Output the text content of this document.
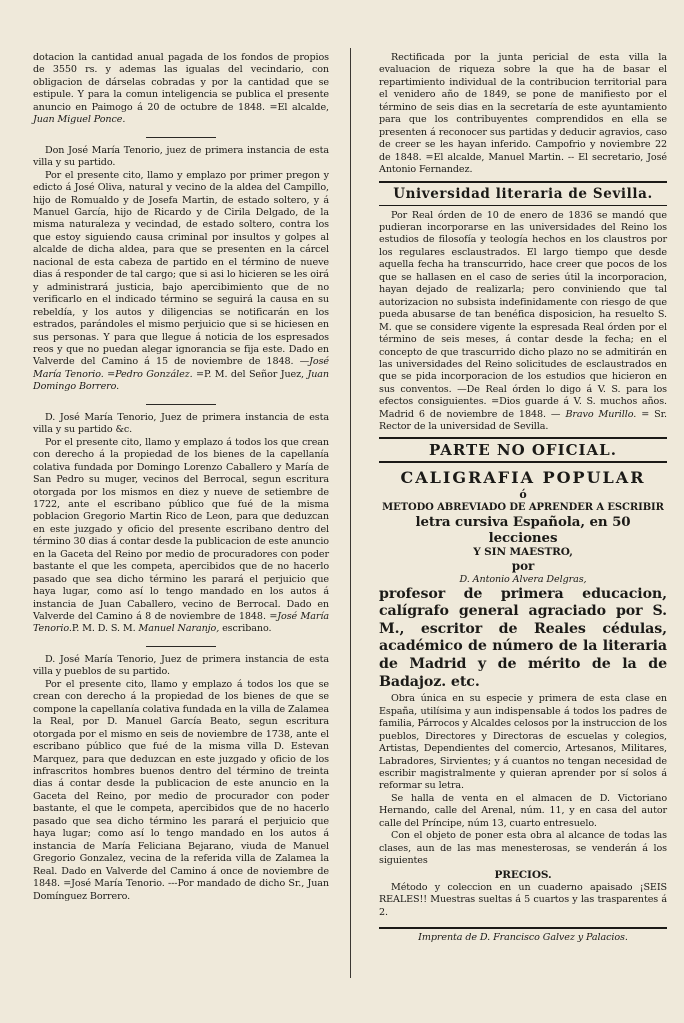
dotacion la cantidad anual pagada de los fondos de propios de 3550 rs. y ademas las igualas del vecindario, con obligacion de dárselas cobradas y por la cantidad que se estipule. Y para la comun inteligencia se publica el presente anuncio en Paimogo á 20 de octubre de 1848. =El alcalde, Juan Miguel Ponce.

Don José María Tenorio, juez de primera instancia de esta villa y su partido.

Por el presente cito, llamo y emplazo por primer pregon y edicto á José Oliva, natural y vecino de la aldea del Campillo, hijo de Romualdo y de Josefa Martin, de estado soltero, y á Manuel García, hijo de Ricardo y de Cirila Delgado, de la misma naturaleza y vecindad, de estado soltero, contra los que estoy siguiendo causa criminal por insultos y golpes al alcalde de dicha aldea, para que se presenten en la cárcel nacional de esta cabeza de partido en el término de nueve dias á responder de tal cargo; que si asi lo hicieren se les oirá y administrará justicia, bajo apercibimiento que de no verificarlo en el indicado término se seguirá la causa en su rebeldía, y los autos y diligencias se notificarán en los estrados, parándoles el mismo perjuicio que si se hiciesen en sus personas. Y para que llegue á noticia de los espresados reos y que no puedan alegar ignorancia se fija este. Dado en Valverde del Camino á 15 de noviembre de 1848. —José María Tenorio. =Pedro González. =P. M. del Señor Juez, Juan Domingo Borrero.

D. José María Tenorio, Juez de primera instancia de esta villa y su partido &c.

Por el presente cito, llamo y emplazo á todos los que crean con derecho á la propiedad de los bienes de la capellanía colativa fundada por Domingo Lorenzo Caballero y María de San Pedro su muger, vecinos del Berrocal, segun escritura otorgada por los mismos en diez y nueve de setiembre de 1722, ante el escribano público que fué de la misma poblacion Gregorio Martin Rico de Leon, para que deduzcan en este juzgado y oficio del presente escribano dentro del término 30 dias á contar desde la publicacion de este anuncio en la Gaceta del Reino por medio de procuradores con poder bastante el que les competa, apercibidos que de no hacerlo pasado que sea dicho término les parará el perjuicio que haya lugar, como así lo tengo mandado en los autos á instancia de Juan Caballero, vecino de Berrocal. Dado en Valverde del Camino á 8 de noviembre de 1848. =José María Tenorio.P. M. D. S. M. Manuel Naranjo, escribano.

D. José María Tenorio, Juez de primera instancia de esta villa y pueblos de su partido.

Por el presente cito, llamo y emplazo á todos los que se crean con derecho á la propiedad de los bienes de que se compone la capellanía colativa fundada en la villa de Zalamea la Real, por D. Manuel García Beato, segun escritura otorgada por el mismo en seis de noviembre de 1738, ante el escribano público que fué de la misma villa D. Estevan Marquez, para que deduzcan en este juzgado y oficio de los infrascritos hombres buenos dentro del término de treinta dias á contar desde la publicacion de este anuncio en la Gaceta del Reino, por medio de procurador con poder bastante, el que le competa, apercibidos que de no hacerlo pasado que sea dicho término les parará el perjuicio que haya lugar; como así lo tengo mandado en los autos á instancia de María Feliciana Bejarano, viuda de Manuel Gregorio Gonzalez, vecina de la referida villa de Zalamea la Real. Dado en Valverde del Camino á once de noviembre de 1848. =José María Tenorio. ---Por mandado de dicho Sr., Juan Domínguez Borrero.

Rectificada por la junta pericial de esta villa la evaluacion de riqueza sobre la que ha de basar el repartimiento individual de la contribucion territorial para el venidero año de 1849, se pone de manifiesto por el término de seis dias en la secretaría de este ayuntamiento para que los contribuyentes comprendidos en ella se presenten á reconocer sus partidas y deducir agravios, caso de creer se les hayan inferido. Campofrio y noviembre 22 de 1848. =El alcalde, Manuel Martin. -- El secretario, José Antonio Fernandez.

Universidad literaria de Sevilla.

Por Real órden de 10 de enero de 1836 se mandó que pudieran incorporarse en las universidades del Reino los estudios de filosofía y teología hechos en los claustros por los regulares esclaustrados. El largo tiempo que desde aquella fecha ha transcurrido, hace creer que pocos de los que se hallasen en el caso de series útil la incorporacion, hayan dejado de realizarla; pero conviniendo que tal autorizacion no subsista indefinidamente con riesgo de que pueda abusarse de tan benéfica disposicion, ha resuelto S. M. que se considere vigente la espresada Real órden por el término de seis meses, á contar desde la fecha; en el concepto de que trascurrido dicho plazo no se admitirán en las universidades del Reino solicitudes de esclaustrados en que se pida incorporacion de los estudios que hicieron en sus conventos. —De Real órden lo digo á V. S. para los efectos consiguientes. =Dios guarde á V. S. muchos años. Madrid 6 de noviembre de 1848. — Bravo Murillo. = Sr. Rector de la universidad de Sevilla.

PARTE NO OFICIAL.
CALIGRAFIA POPULAR
ó
METODO ABREVIADO DE APRENDER A ESCRIBIR
letra cursiva Española, en 50 lecciones
Y SIN MAESTRO,
por
D. Antonio Alvera Delgras,
profesor de primera educacion, calígrafo general agraciado por S. M., escritor de Reales cédulas, académico de número de la literaria de Madrid y de mérito de la de Badajoz. etc.

Obra única en su especie y primera de esta clase en España, utilísima y aun indispensable á todos los padres de familia, Párrocos y Alcaldes celosos por la instruccion de los pueblos, Directores y Directoras de escuelas y colegios, Artistas, Dependientes del comercio, Artesanos, Militares, Labradores, Sirvientes; y á cuantos no tengan necesidad de escribir magistralmente y quieran aprender por sí solos á reformar su letra.

Se halla de venta en el almacen de D. Victoriano Hernando, calle del Arenal, núm. 11, y en casa del autor calle del Príncipe, núm 13, cuarto entresuelo.

Con el objeto de poner esta obra al alcance de todas las clases, aun de las mas menesterosas, se venderán á los siguientes

PRECIOS.

Método y coleccion en un cuaderno apaisado ¡SEIS REALES!! Muestras sueltas á 5 cuartos y las trasparentes á 2.

Imprenta de D. Francisco Galvez y Palacios.
